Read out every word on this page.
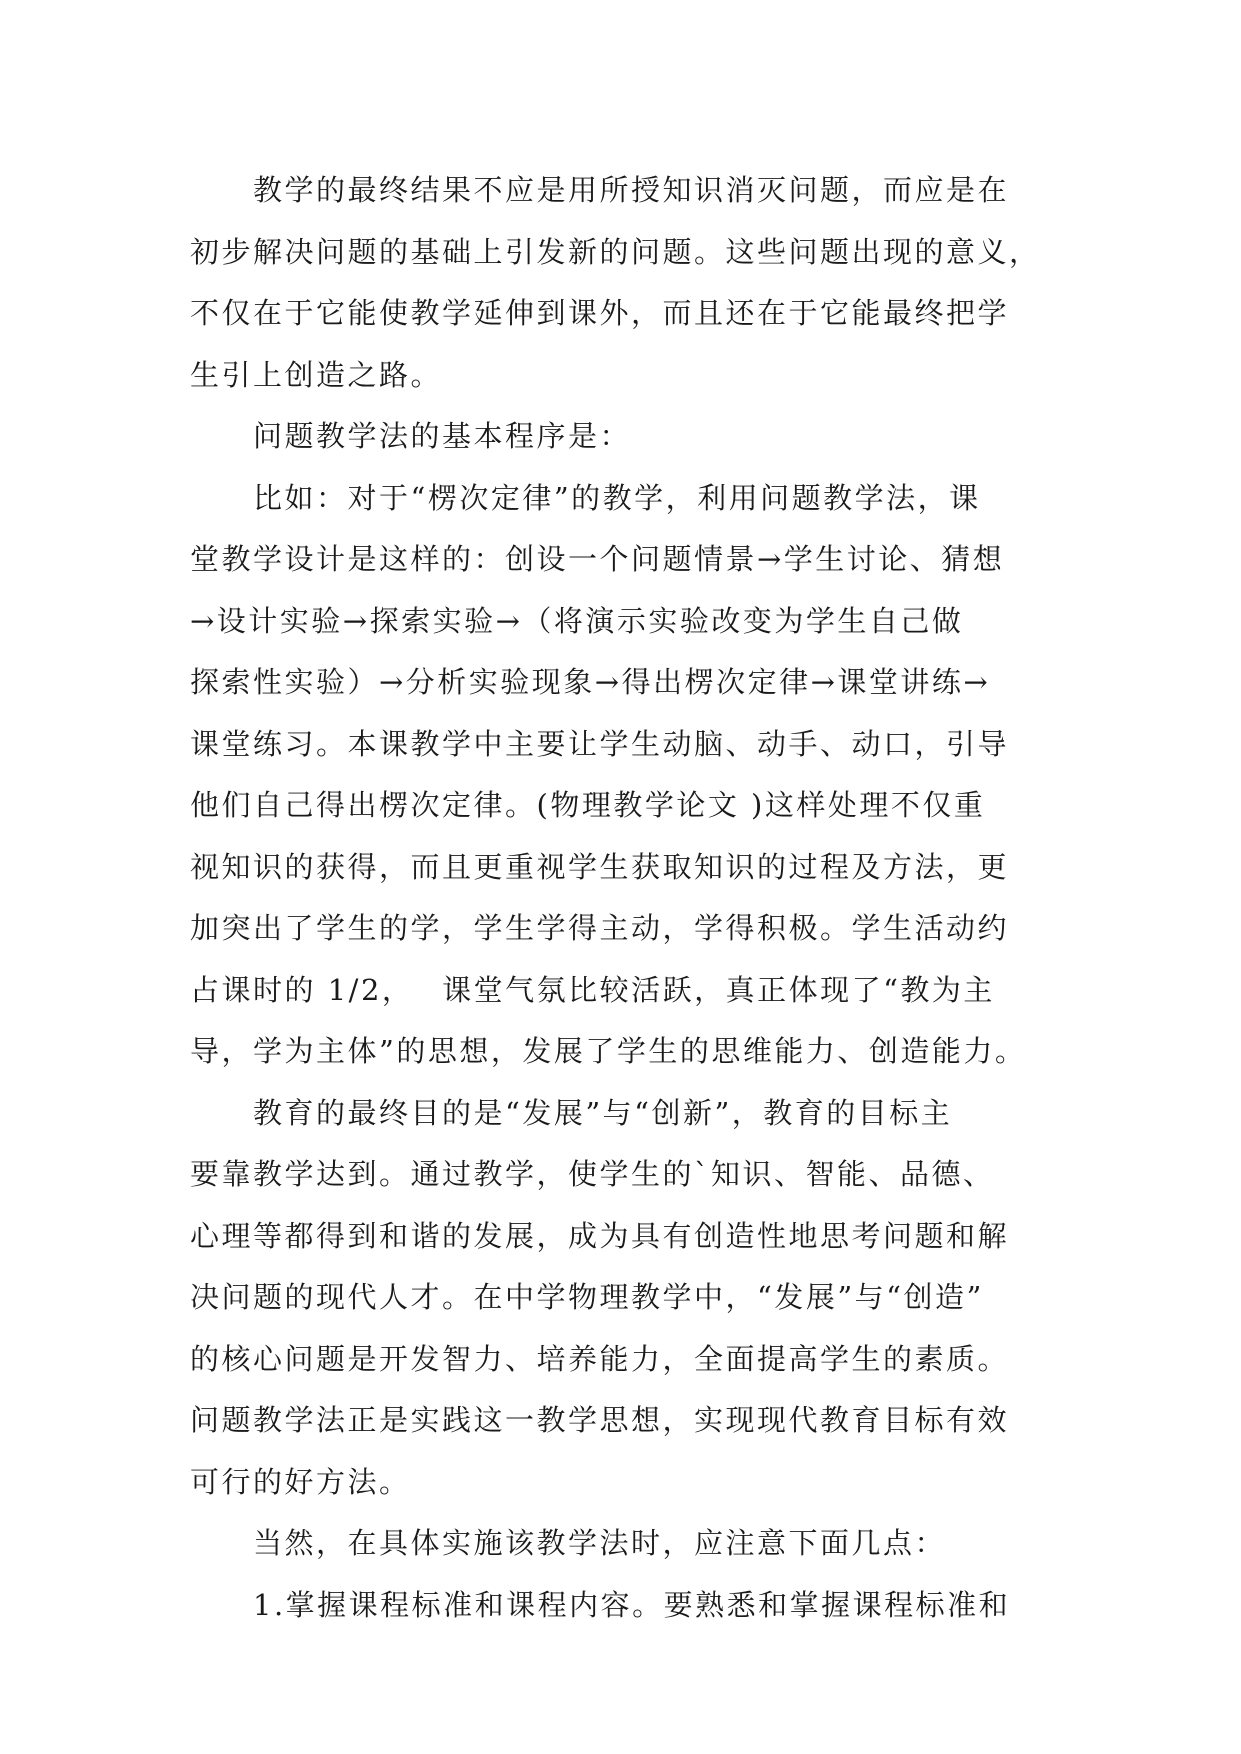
　　教学的最终结果不应是用所授知识消灭问题，而应是在
初步解决问题的基础上引发新的问题。这些问题出现的意义，
不仅在于它能使教学延伸到课外，而且还在于它能最终把学
生引上创造之路。
　　问题教学法的基本程序是：
　　比如：对于“楞次定律”的教学，利用问题教学法，课
堂教学设计是这样的：创设一个问题情景→学生讨论、猜想
→设计实验→探索实验→（将演示实验改变为学生自己做
探索性实验）→分析实验现象→得出楞次定律→课堂讲练→
课堂练习。本课教学中主要让学生动脑、动手、动口，引导
他们自己得出楞次定律。(物理教学论文 )这样处理不仅重
视知识的获得，而且更重视学生获取知识的过程及方法，更
加突出了学生的学，学生学得主动，学得积极。学生活动约
占课时的 1/2，　 课堂气氛比较活跃，真正体现了“教为主
导，学为主体”的思想，发展了学生的思维能力、创造能力。
　　教育的最终目的是“发展”与“创新”，教育的目标主
要靠教学达到。通过教学，使学生的`知识、智能、品德、
心理等都得到和谐的发展，成为具有创造性地思考问题和解
决问题的现代人才。在中学物理教学中，“发展”与“创造”
的核心问题是开发智力、培养能力，全面提高学生的素质。
问题教学法正是实践这一教学思想，实现现代教育目标有效
可行的好方法。
　　当然，在具体实施该教学法时，应注意下面几点：
　　1.掌握课程标准和课程内容。要熟悉和掌握课程标准和
